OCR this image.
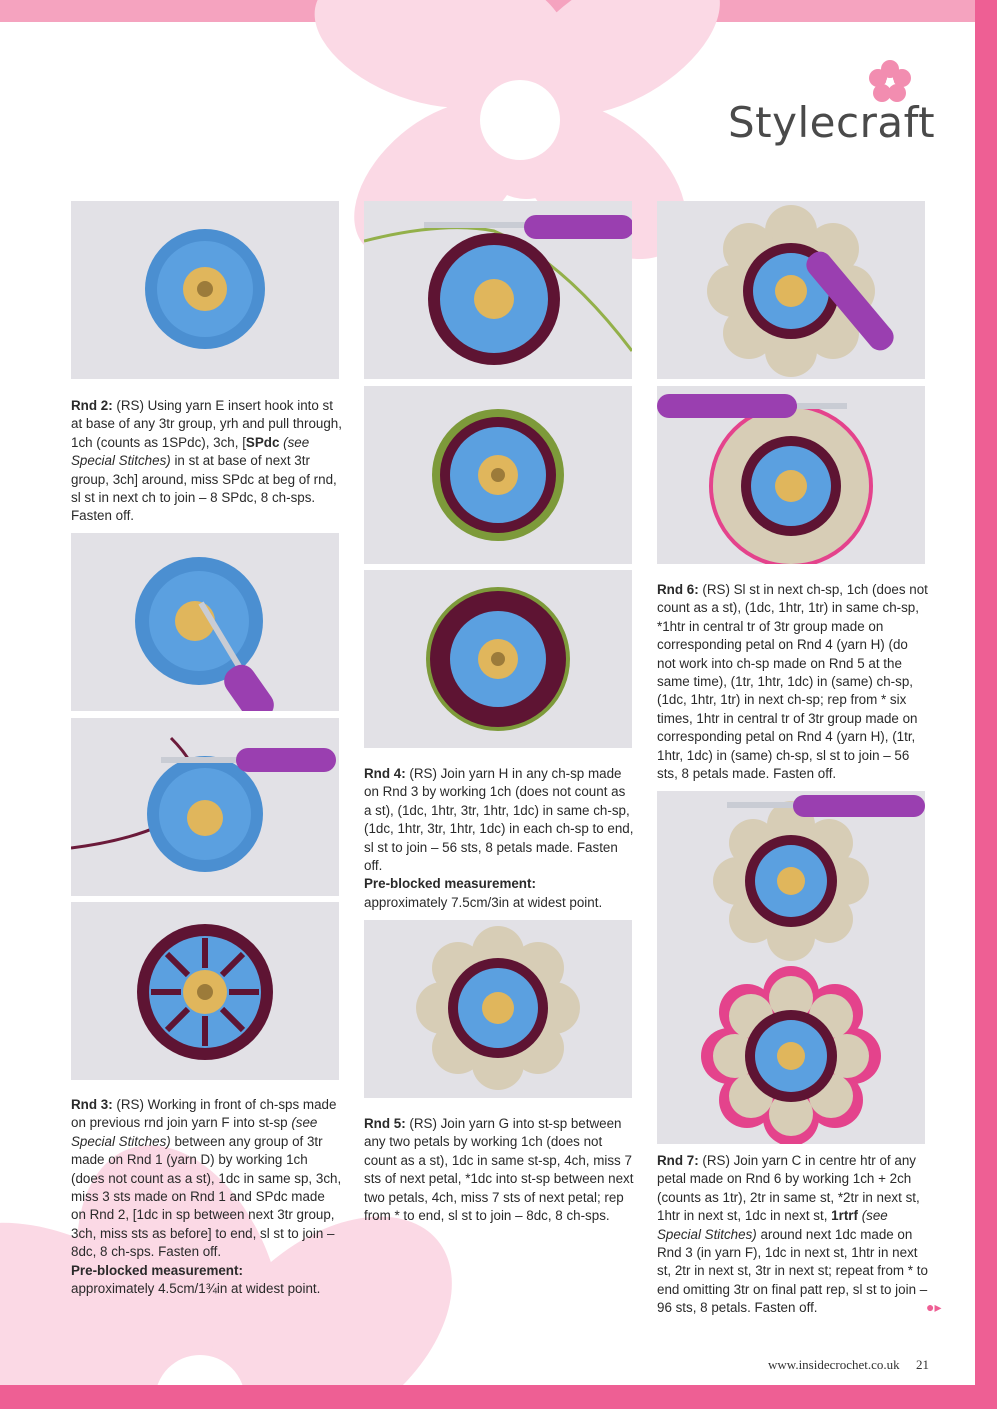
Stylecraft
Rnd 2: (RS) Using yarn E insert hook into st at base of any 3tr group, yrh and pull through, 1ch (counts as 1SPdc), 3ch, [SPdc (see Special Stitches) in st at base of next 3tr group, 3ch] around, miss SPdc at beg of rnd, sl st in next ch to join – 8 SPdc, 8 ch-sps. Fasten off.
Rnd 3: (RS) Working in front of ch-sps made on previous rnd join yarn F into st-sp (see Special Stitches) between any group of 3tr made on Rnd 1 (yarn D) by working 1ch (does not count as a st), 1dc in same sp, 3ch, miss 3 sts made on Rnd 1 and SPdc made on Rnd 2, [1dc in sp between next 3tr group, 3ch, miss sts as before] to end, sl st to join – 8dc, 8 ch-sps. Fasten off.
Pre-blocked measurement:
approximately 4.5cm/1¾in at widest point.
Rnd 4: (RS) Join yarn H in any ch-sp made on Rnd 3 by working 1ch (does not count as a st), (1dc, 1htr, 3tr, 1htr, 1dc) in same ch-sp, (1dc, 1htr, 3tr, 1htr, 1dc) in each ch-sp to end, sl st to join – 56 sts, 8 petals made. Fasten off.
Pre-blocked measurement:
approximately 7.5cm/3in at widest point.
Rnd 5: (RS) Join yarn G into st-sp between any two petals by working 1ch (does not count as a st), 1dc in same st-sp, 4ch, miss 7 sts of next petal, *1dc into st-sp between next two petals, 4ch, miss 7 sts of next petal; rep from * to end, sl st to join – 8dc, 8 ch-sps.
Rnd 6: (RS) Sl st in next ch-sp, 1ch (does not count as a st), (1dc, 1htr, 1tr) in same ch-sp, *1htr in central tr of 3tr group made on corresponding petal on Rnd 4 (yarn H) (do not work into ch-sp made on Rnd 5 at the same time), (1tr, 1htr, 1dc) in (same) ch-sp, (1dc, 1htr, 1tr) in next ch-sp; rep from * six times, 1htr in central tr of 3tr group made on corresponding petal on Rnd 4 (yarn H), (1tr, 1htr, 1dc) in (same) ch-sp, sl st to join – 56 sts, 8 petals made. Fasten off.
Rnd 7: (RS) Join yarn C in centre htr of any petal made on Rnd 6 by working 1ch + 2ch (counts as 1tr), 2tr in same st, *2tr in next st, 1htr in next st, 1dc in next st, 1rtrf (see Special Stitches) around next 1dc made on Rnd 3 (in yarn F), 1dc in next st, 1htr in next st, 2tr in next st, 3tr in next st; repeat from * to end omitting 3tr on final patt rep, sl st to join – 96 sts, 8 petals. Fasten off.	●▸
www.insidecrochet.co.uk 21
